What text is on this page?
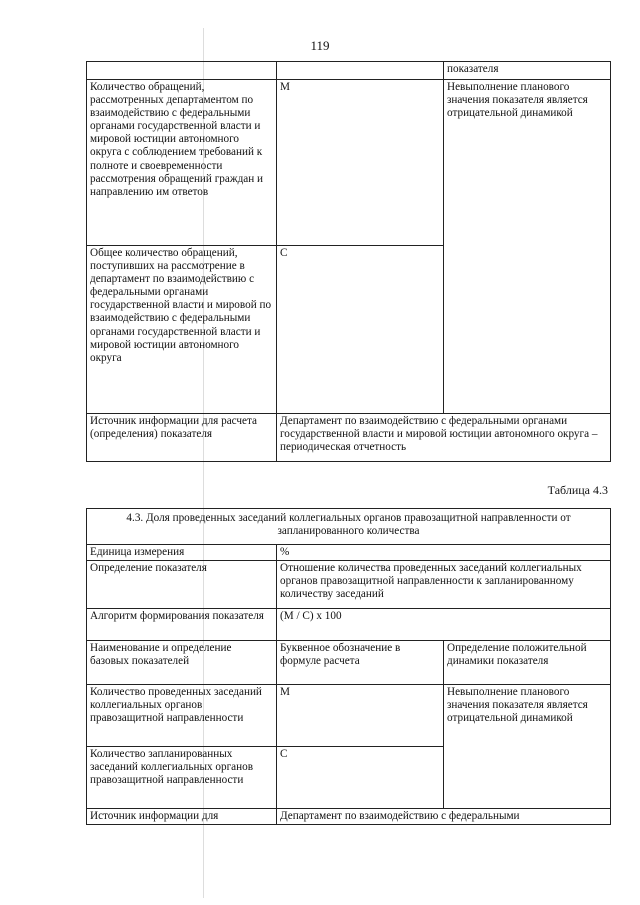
119
		показателя
Количество обращений, рассмотренных департаментом по взаимодействию с федеральными органами государственной власти и мировой юстиции автономного округа с соблюдением требований к полноте и своевременности рассмотрения обращений граждан и направлению им ответов	М	Невыполнение планового значения показателя является отрицательной динамикой
Общее количество обращений, поступивших на рассмотрение в департамент по взаимодействию с федеральными органами государственной власти и мировой по взаимодействию с федеральными органами государственной власти и мировой юстиции автономного округа	С	
Источник информации для расчета (определения) показателя	Департамент по взаимодействию с федеральными органами государственной власти и мировой юстиции автономного округа – периодическая отчетность	
Таблица 4.3
4.3. Доля проведенных заседаний коллегиальных органов правозащитной направленности от запланированного количества		
Единица измерения	%	
Определение показателя	Отношение количества проведенных заседаний коллегиальных органов правозащитной направленности к запланированному количеству заседаний	
Алгоритм формирования показателя	(М / С) х 100	
Наименование и определение базовых показателей	Буквенное обозначение в формуле расчета	Определение положительной динамики показателя
Количество проведенных заседаний коллегиальных органов правозащитной направленности	М	Невыполнение планового значения показателя является отрицательной динамикой
Количество запланированных заседаний коллегиальных органов правозащитной направленности	С	
Источник информации для	Департамент по взаимодействию с федеральными	
